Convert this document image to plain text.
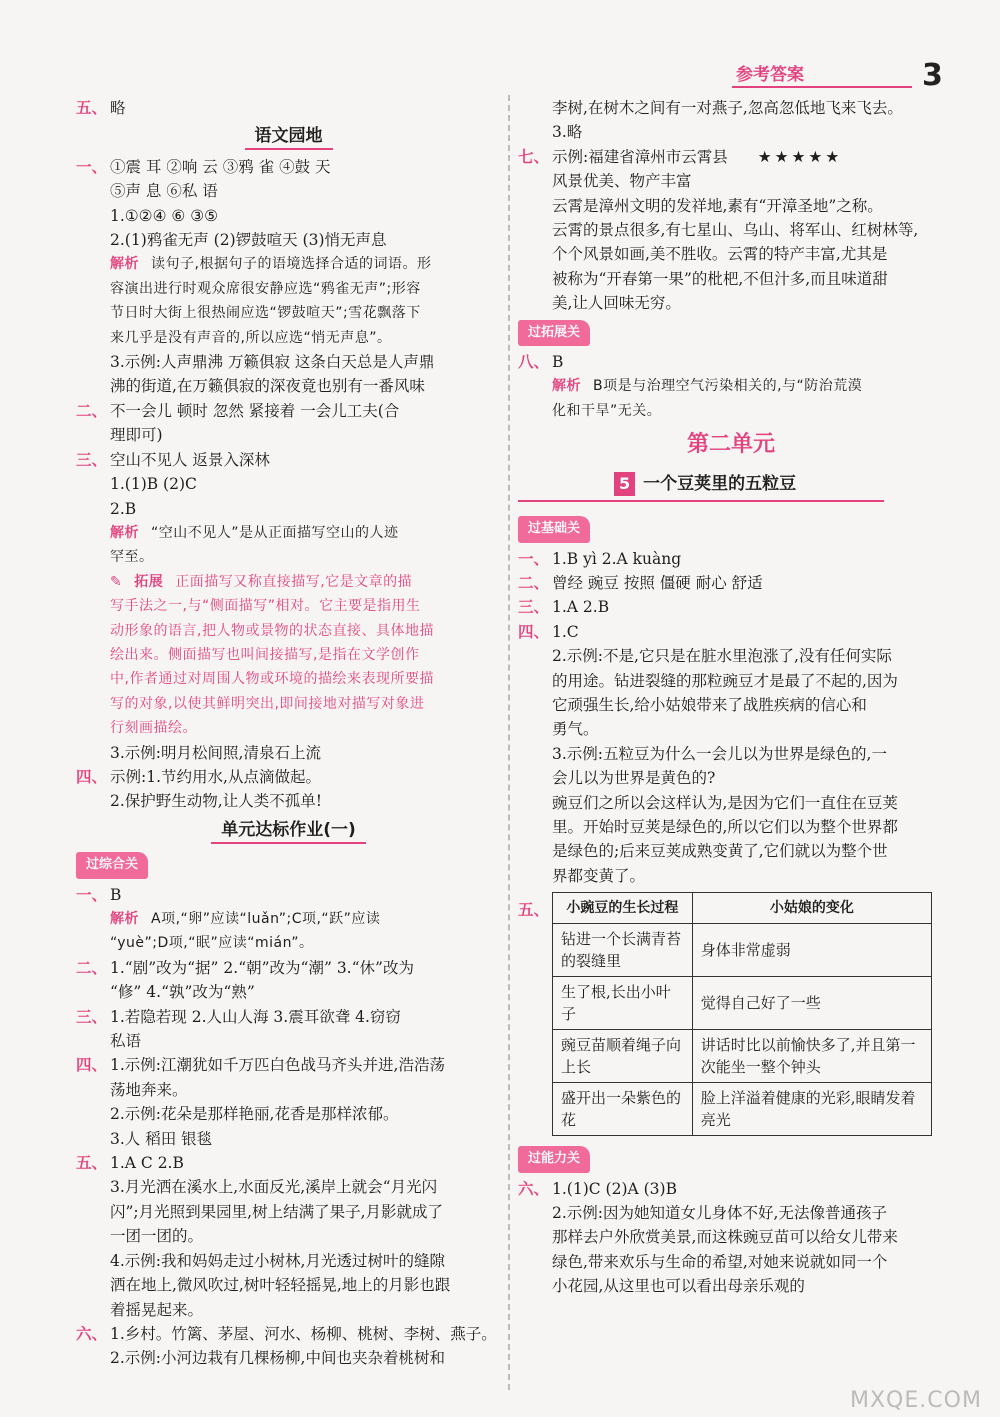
参考答案	3
五、 略
语文园地
一、 ①震 耳 ②响 云 ③鸦 雀 ④鼓 天
⑤声 息 ⑥私 语
1.①②④ ⑥ ③⑤
2.(1)鸦雀无声 (2)锣鼓喧天 (3)悄无声息
解析 读句子,根据句子的语境选择合适的词语。形
容演出进行时观众席很安静应选“鸦雀无声”;形容
节日时大街上很热闹应选“锣鼓喧天”;雪花飘落下
来几乎是没有声音的,所以应选“悄无声息”。
3.示例:人声鼎沸 万籁俱寂 这条白天总是人声鼎
沸的街道,在万籁俱寂的深夜竟也别有一番风味
二、 不一会儿 顿时 忽然 紧接着 一会儿工夫(合
理即可)
三、 空山不见人 返景入深林
1.(1)B (2)C
2.B
解析 “空山不见人”是从正面描写空山的人迹
罕至。
✎ 拓展 正面描写又称直接描写,它是文章的描
写手法之一,与“侧面描写”相对。它主要是指用生
动形象的语言,把人物或景物的状态直接、具体地描
绘出来。侧面描写也叫间接描写,是指在文学创作
中,作者通过对周围人物或环境的描绘来表现所要描
写的对象,以使其鲜明突出,即间接地对描写对象进
行刻画描绘。
3.示例:明月松间照,清泉石上流
四、 示例:1.节约用水,从点滴做起。
2.保护野生动物,让人类不孤单!
单元达标作业(一)
过综合关
一、 B
解析 A项,“卵”应读“luǎn”;C项,“跃”应读
“yuè”;D项,“眠”应读“mián”。
二、 1.“剧”改为“据” 2.“朝”改为“潮” 3.“休”改为
“修” 4.“孰”改为“熟”
三、 1.若隐若现 2.人山人海 3.震耳欲聋 4.窃窃
私语
四、 1.示例:江潮犹如千万匹白色战马齐头并进,浩浩荡
荡地奔来。
2.示例:花朵是那样艳丽,花香是那样浓郁。
3.人 稻田 银毯
五、 1.A C 2.B
3.月光洒在溪水上,水面反光,溪岸上就会“月光闪
闪”;月光照到果园里,树上结满了果子,月影就成了
一团一团的。
4.示例:我和妈妈走过小树林,月光透过树叶的缝隙
洒在地上,微风吹过,树叶轻轻摇晃,地上的月影也跟
着摇晃起来。
六、 1.乡村。竹篱、茅屋、河水、杨柳、桃树、李树、燕子。
2.示例:小河边栽有几棵杨柳,中间也夹杂着桃树和
李树,在树木之间有一对燕子,忽高忽低地飞来飞去。
3.略
七、 示例:福建省漳州市云霄县 ★★★★★
风景优美、物产丰富
云霄是漳州文明的发祥地,素有“开漳圣地”之称。
云霄的景点很多,有七星山、乌山、将军山、红树林等,
个个风景如画,美不胜收。云霄的特产丰富,尤其是
被称为“开春第一果”的枇杷,不但汁多,而且味道甜
美,让人回味无穷。
过拓展关
八、 B
解析 B项是与治理空气污染相关的,与“防治荒漠
化和干旱”无关。
第二单元
5 一个豆荚里的五粒豆
过基础关
一、 1.B yì 2.A kuàng
二、 曾经 豌豆 按照 僵硬 耐心 舒适
三、 1.A 2.B
四、 1.C
2.示例:不是,它只是在脏水里泡涨了,没有任何实际
的用途。钻进裂缝的那粒豌豆才是最了不起的,因为
它顽强生长,给小姑娘带来了战胜疾病的信心和
勇气。
3.示例:五粒豆为什么一会儿以为世界是绿色的,一
会儿以为世界是黄色的?
豌豆们之所以会这样认为,是因为它们一直住在豆荚
里。开始时豆荚是绿色的,所以它们以为整个世界都
是绿色的;后来豆荚成熟变黄了,它们就以为整个世
界都变黄了。
五、 小豌豆的生长过程	小姑娘的变化
钻进一个长满青苔的裂缝里	身体非常虚弱
生了根,长出小叶子	觉得自己好了一些
豌豆苗顺着绳子向上长	讲话时比以前愉快多了,并且第一次能坐一整个钟头
盛开出一朵紫色的花	脸上洋溢着健康的光彩,眼睛发着亮光
过能力关
六、 1.(1)C (2)A (3)B
2.示例:因为她知道女儿身体不好,无法像普通孩子
那样去户外欣赏美景,而这株豌豆苗可以给女儿带来
绿色,带来欢乐与生命的希望,对她来说就如同一个
小花园,从这里也可以看出母亲乐观的
MXQE.COM
